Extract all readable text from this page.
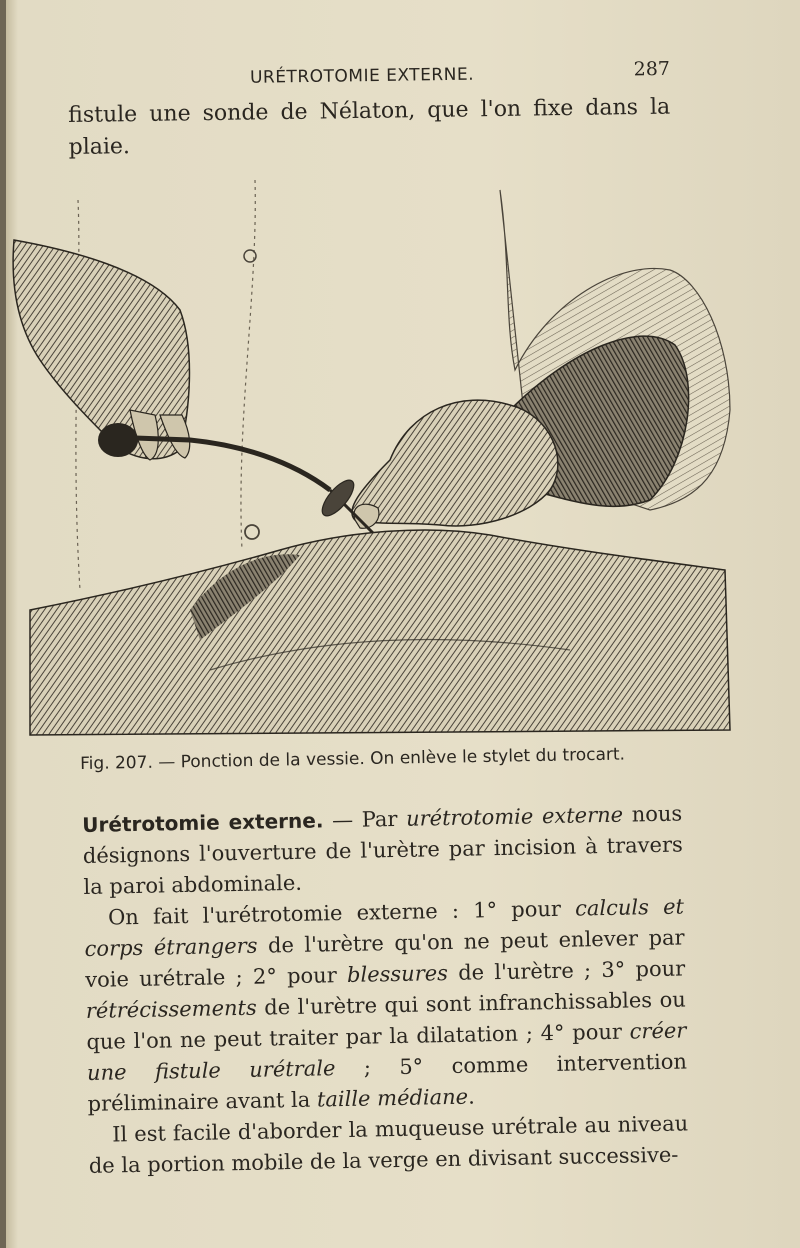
URÉTROTOMIE EXTERNE.	287
fistule une sonde de Nélaton, que l'on fixe dans la plaie.
Fig. 207. — Ponction de la vessie. On enlève le stylet du trocart.

Urétrotomie externe. — Par urétrotomie externe nous désignons l'ouverture de l'urètre par incision à travers la paroi abdominale.

On fait l'urétrotomie externe : 1° pour calculs et corps étrangers de l'urètre qu'on ne peut enlever par voie urétrale ; 2° pour blessures de l'urètre ; 3° pour rétrécissements de l'urètre qui sont infranchissables ou que l'on ne peut traiter par la dilatation ; 4° pour créer une fistule urétrale ; 5° comme intervention préliminaire avant la taille médiane.

Il est facile d'aborder la muqueuse urétrale au niveau de la portion mobile de la verge en divisant successive-
